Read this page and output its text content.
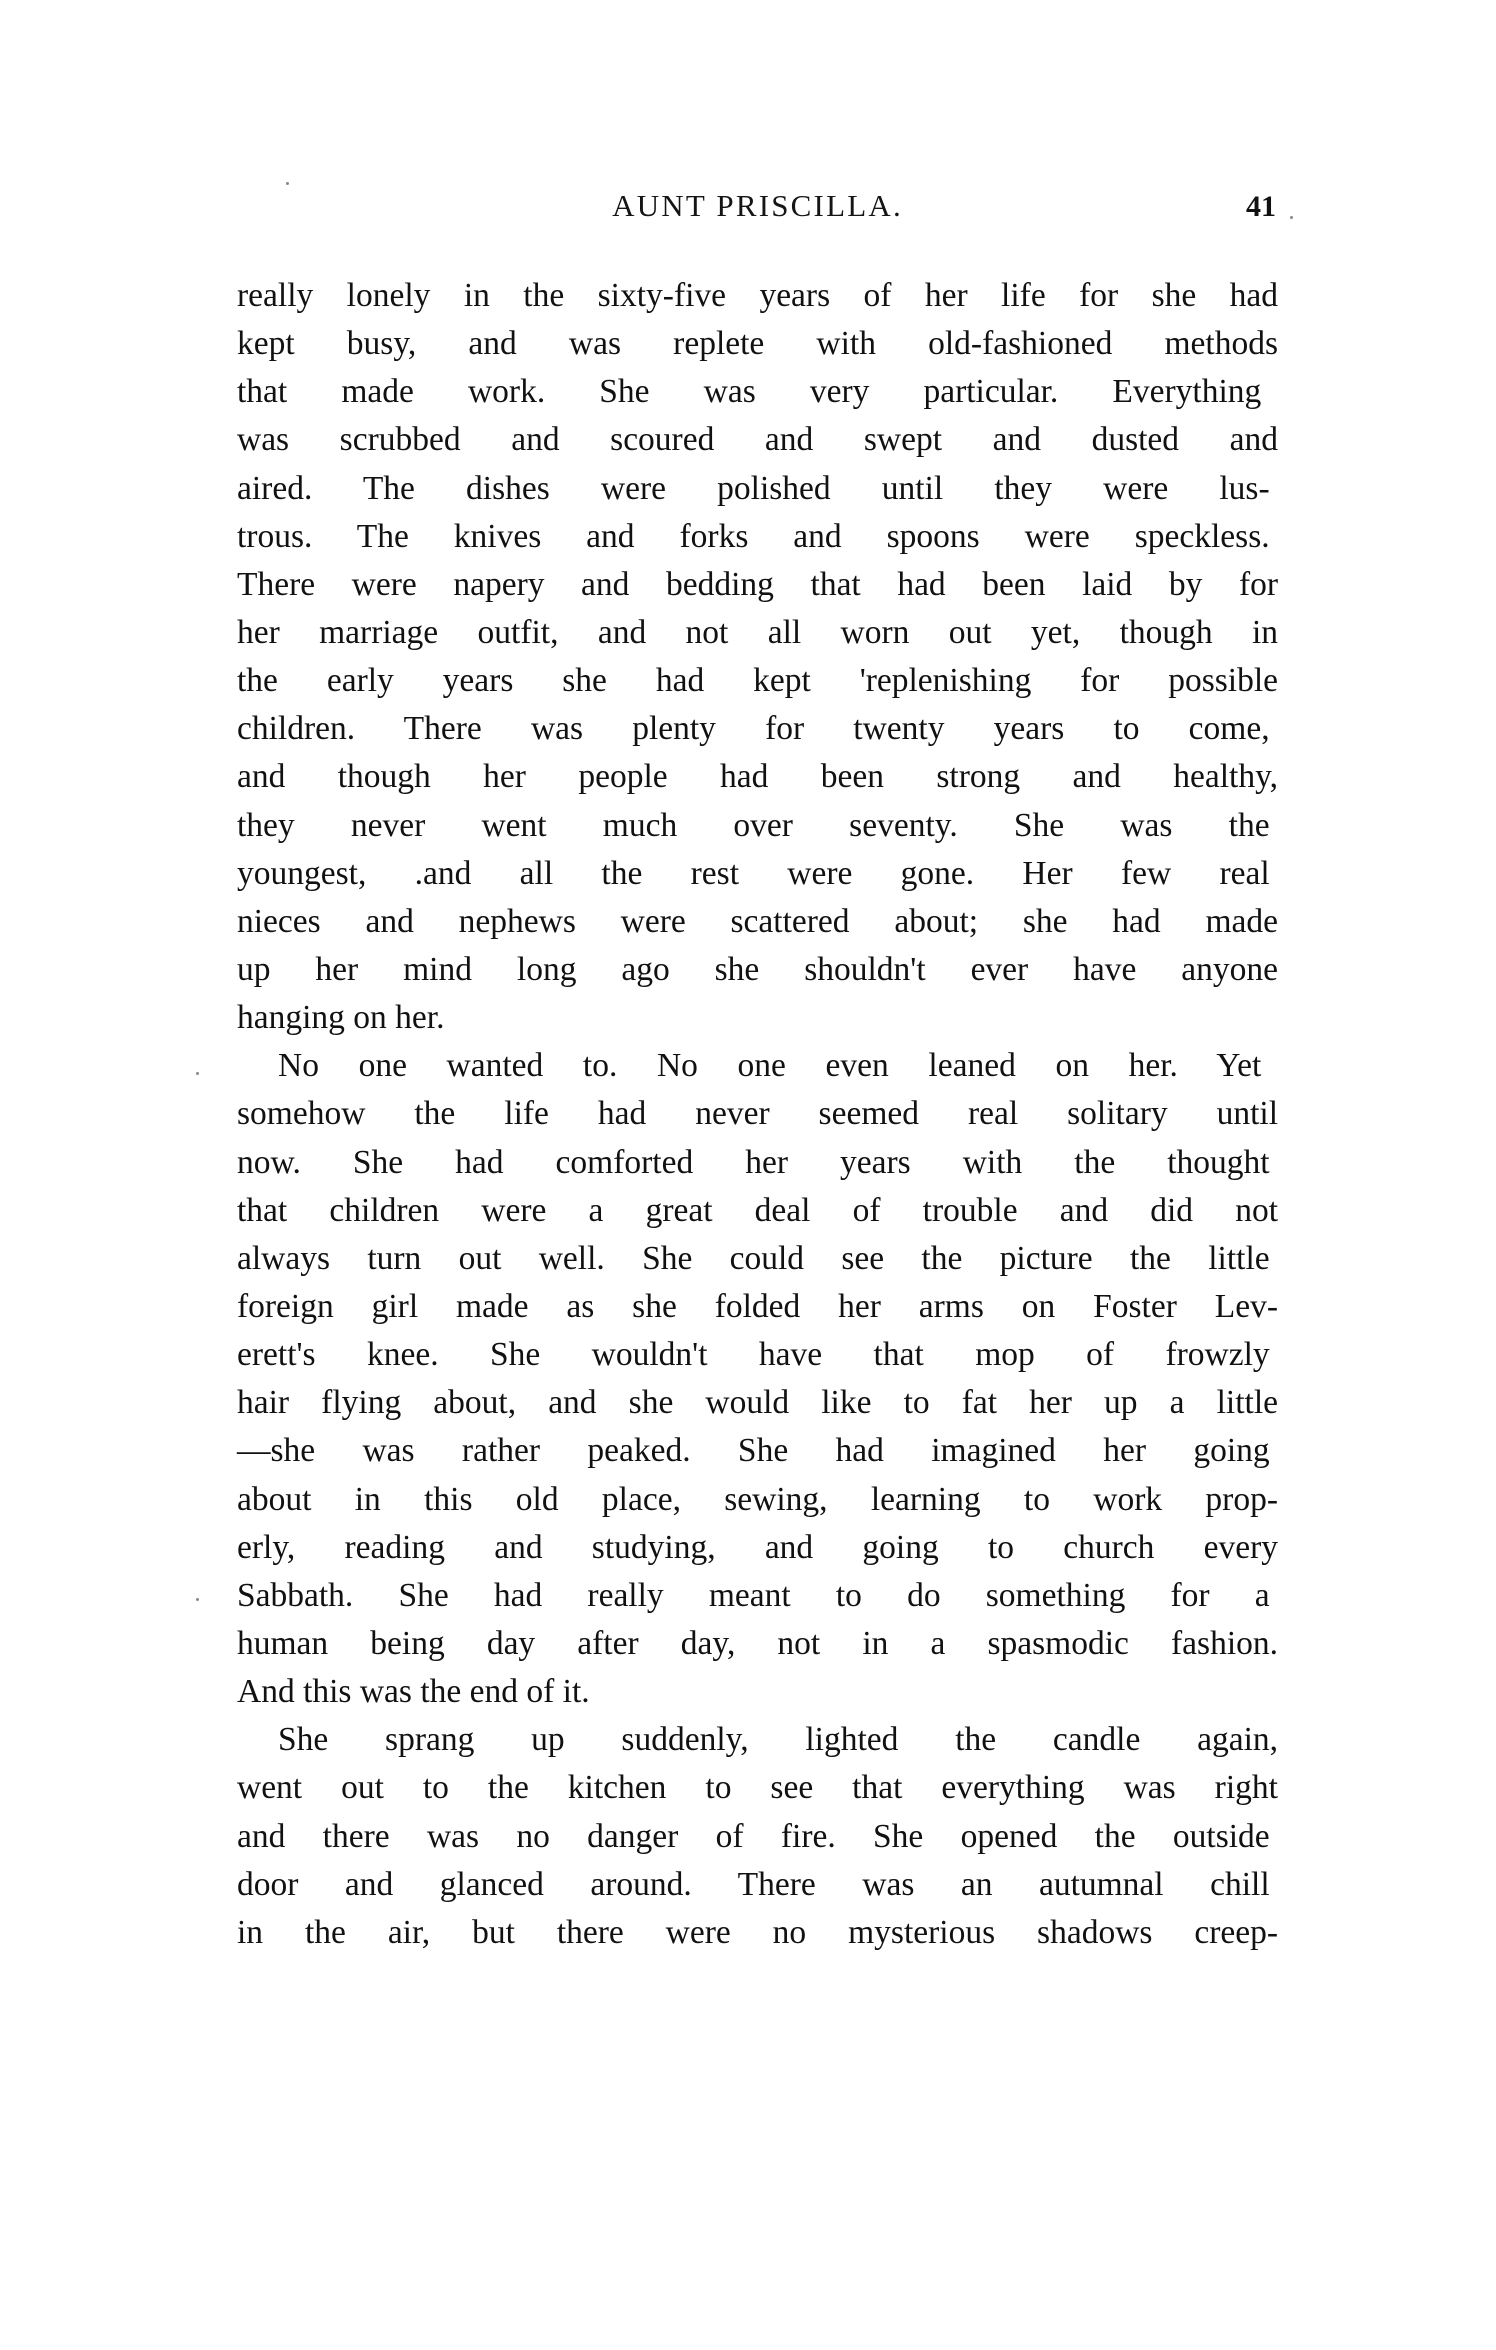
AUNT PRISCILLA.	41
really lonely in the sixty-five years of her life for she had
kept busy, and was replete with old-fashioned methods
that made work. She was very particular. Everything
was scrubbed and scoured and swept and dusted and
aired. The dishes were polished until they were lus-
trous. The knives and forks and spoons were speckless.
There were napery and bedding that had been laid by for
her marriage outfit, and not all worn out yet, though in
the early years she had kept 'replenishing for possible
children. There was plenty for twenty years to come,
and though her people had been strong and healthy,
they never went much over seventy. She was the
youngest, .and all the rest were gone. Her few real
nieces and nephews were scattered about; she had made
up her mind long ago she shouldn't ever have anyone
hanging on her.
No one wanted to. No one even leaned on her. Yet
somehow the life had never seemed real solitary until
now. She had comforted her years with the thought
that children were a great deal of trouble and did not
always turn out well. She could see the picture the little
foreign girl made as she folded her arms on Foster Lev-
erett's knee. She wouldn't have that mop of frowzly
hair flying about, and she would like to fat her up a little
—she was rather peaked. She had imagined her going
about in this old place, sewing, learning to work prop-
erly, reading and studying, and going to church every
Sabbath. She had really meant to do something for a
human being day after day, not in a spasmodic fashion.
And this was the end of it.
She sprang up suddenly, lighted the candle again,
went out to the kitchen to see that everything was right
and there was no danger of fire. She opened the outside
door and glanced around. There was an autumnal chill
in the air, but there were no mysterious shadows creep-
